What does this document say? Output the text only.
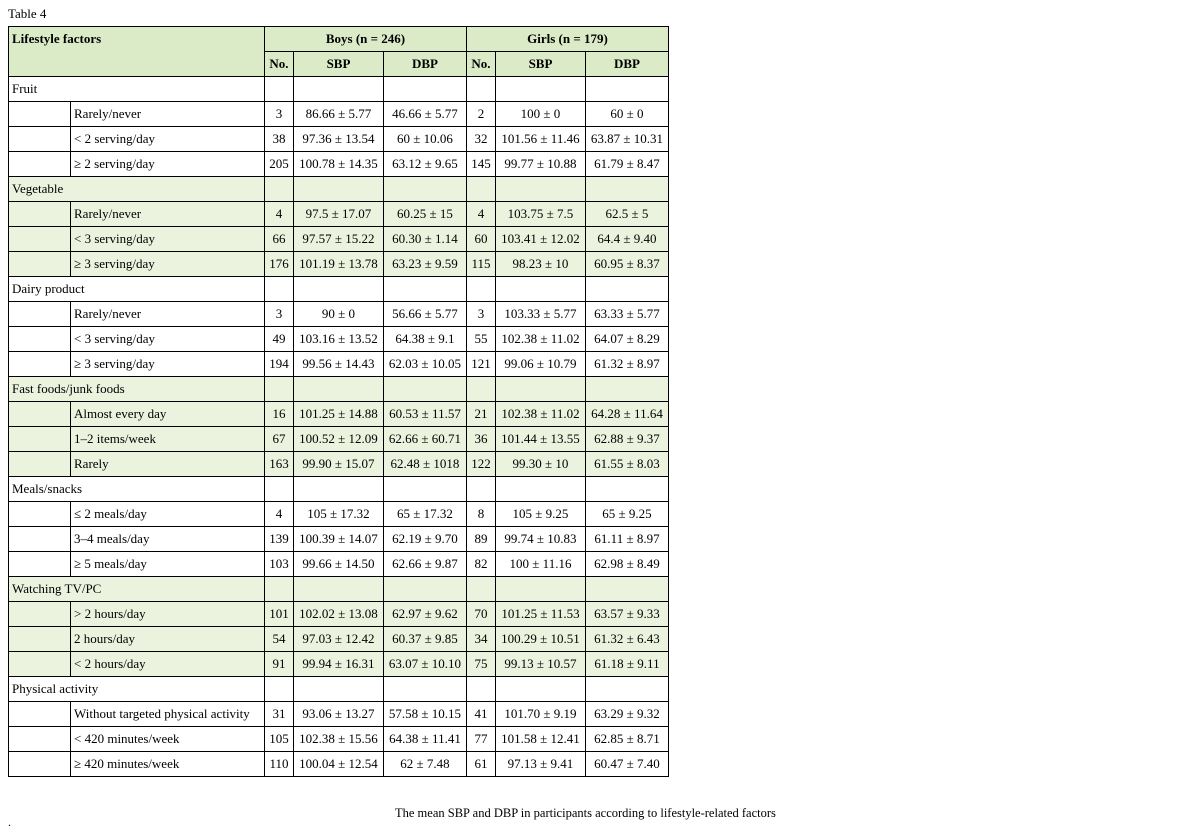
Table 4
Lifestyle factors		Boys (n = 246)			Girls (n = 179)		
		No.	SBP	DBP	No.	SBP	DBP
Fruit							
	Rarely/never	3	86.66 ± 5.77	46.66 ± 5.77	2	100 ± 0	60 ± 0
	< 2 serving/day	38	97.36 ± 13.54	60 ± 10.06	32	101.56 ± 11.46	63.87 ± 10.31
	≥ 2 serving/day	205	100.78 ± 14.35	63.12 ± 9.65	145	99.77 ± 10.88	61.79 ± 8.47
Vegetable							
	Rarely/never	4	97.5 ± 17.07	60.25 ± 15	4	103.75 ± 7.5	62.5 ± 5
	< 3 serving/day	66	97.57 ± 15.22	60.30 ± 1.14	60	103.41 ± 12.02	64.4 ± 9.40
	≥ 3 serving/day	176	101.19 ± 13.78	63.23 ± 9.59	115	98.23 ± 10	60.95 ± 8.37
Dairy product							
	Rarely/never	3	90 ± 0	56.66 ± 5.77	3	103.33 ± 5.77	63.33 ± 5.77
	< 3 serving/day	49	103.16 ± 13.52	64.38 ± 9.1	55	102.38 ± 11.02	64.07 ± 8.29
	≥ 3 serving/day	194	99.56 ± 14.43	62.03 ± 10.05	121	99.06 ± 10.79	61.32 ± 8.97
Fast foods/junk foods							
	Almost every day	16	101.25 ± 14.88	60.53 ± 11.57	21	102.38 ± 11.02	64.28 ± 11.64
	1–2 items/week	67	100.52 ± 12.09	62.66 ± 60.71	36	101.44 ± 13.55	62.88 ± 9.37
	Rarely	163	99.90 ± 15.07	62.48 ± 1018	122	99.30 ± 10	61.55 ± 8.03
Meals/snacks							
	≤ 2 meals/day	4	105 ± 17.32	65 ± 17.32	8	105 ± 9.25	65 ± 9.25
	3–4 meals/day	139	100.39 ± 14.07	62.19 ± 9.70	89	99.74 ± 10.83	61.11 ± 8.97
	≥ 5 meals/day	103	99.66 ± 14.50	62.66 ± 9.87	82	100 ± 11.16	62.98 ± 8.49
Watching TV/PC							
	> 2 hours/day	101	102.02 ± 13.08	62.97 ± 9.62	70	101.25 ± 11.53	63.57 ± 9.33
	2 hours/day	54	97.03 ± 12.42	60.37 ± 9.85	34	100.29 ± 10.51	61.32 ± 6.43
	< 2 hours/day	91	99.94 ± 16.31	63.07 ± 10.10	75	99.13 ± 10.57	61.18 ± 9.11
Physical activity							
	Without targeted physical activity	31	93.06 ± 13.27	57.58 ± 10.15	41	101.70 ± 9.19	63.29 ± 9.32
	< 420 minutes/week	105	102.38 ± 15.56	64.38 ± 11.41	77	101.58 ± 12.41	62.85 ± 8.71
	≥ 420 minutes/week	110	100.04 ± 12.54	62 ± 7.48	61	97.13 ± 9.41	60.47 ± 7.40
The mean SBP and DBP in participants according to lifestyle-related factors
.
